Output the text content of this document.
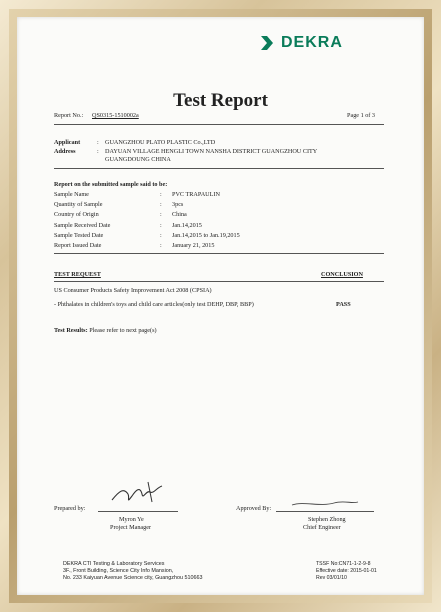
DEKRA
Test Report
Report No.: QS0315-1510002a	Page 1 of 3
Applicant	: GUANGZHOU PLATO PLASTIC Co.,LTD
Address	: DAYUAN VILLAGE HENGLI TOWN NANSHA DISTRICT GUANGZHOU CITY
GUANGDOUNG CHINA
Report on the submitted sample said to be:
Sample Name	: PVC TRAPAULIN
Quantity of Sample	: 3pcs
Country of Origin	: China
Sample Received Date	: Jan.14,2015
Sample Tested Date	: Jan.14,2015 to Jan.19,2015
Report Issued Date	: January 21, 2015
TEST REQUEST	CONCLUSION
US Consumer Products Safety Improvement Act 2008 (CPSIA)
- Phthalates in children's toys and child care articles(only test DEHP, DBP, BBP)	PASS
Test Results: Please refer to next page(s)
Prepared by:
Myron Ye
Project Manager
Approved By:
Stephen Zhong
Chief Engineer
DEKRA CTI Testing & Laboratory Services
3F., Front Building, Science City Info Mansion,
No. 233 Kaiyuan Avenue Science city, Guangzhou 510663
TSSF No:CN71-1-2-9-8
Effective date: 2015-01-01
Rev 03/01/10
